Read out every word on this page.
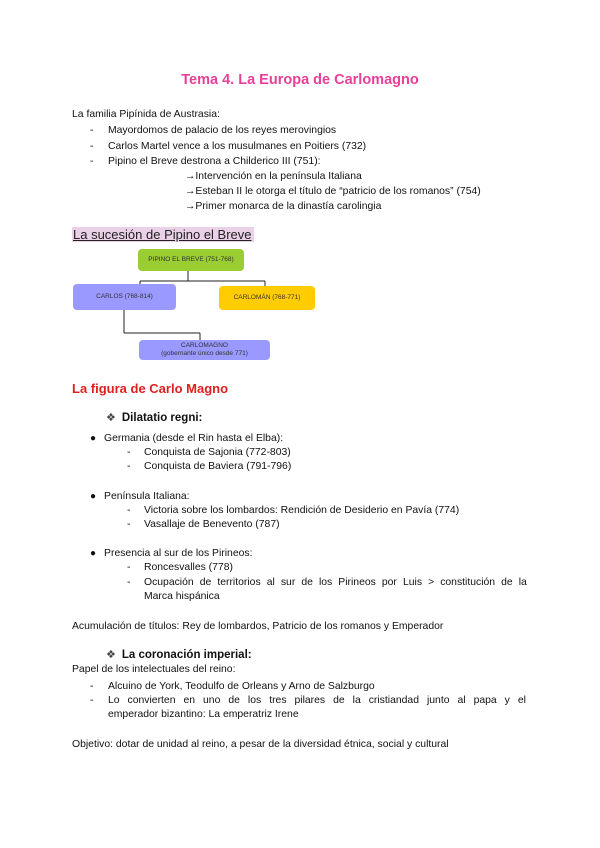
Tema 4. La Europa de Carlomagno
La familia Pipínida de Austrasia:
- Mayordomos de palacio de los reyes merovingios
- Carlos Martel vence a los musulmanes en Poitiers (732)
- Pipino el Breve destrona a Childerico III (751):
→Intervención en la península Italiana
→Esteban II le otorga el título de “patricio de los romanos” (754)
→Primer monarca de la dinastía carolingia
La sucesión de Pipino el Breve
PIPINO EL BREVE (751-768)
CARLOS (768-814)	CARLOMÁN (768-771)
CARLOMAGNO
(gobernante único desde 771)
La figura de Carlo Magno
❖ Dilatatio regni:
● Germania (desde el Rin hasta el Elba):
- Conquista de Sajonia (772-803)
- Conquista de Baviera (791-796)
● Península Italiana:
- Victoria sobre los lombardos: Rendición de Desiderio en Pavía (774)
- Vasallaje de Benevento (787)
● Presencia al sur de los Pirineos:
- Roncesvalles (778)
-	Ocupación de territorios al sur de los Pirineos por Luis > constitución de la
Marca hispánica
Acumulación de títulos: Rey de lombardos, Patricio de los romanos y Emperador
❖ La coronación imperial:
Papel de los intelectuales del reino:
- Alcuino de York, Teodulfo de Orleans y Arno de Salzburgo
-	Lo convierten en uno de los tres pilares de la cristiandad junto al papa y el
emperador bizantino: La emperatriz Irene
Objetivo: dotar de unidad al reino, a pesar de la diversidad étnica, social y cultural
